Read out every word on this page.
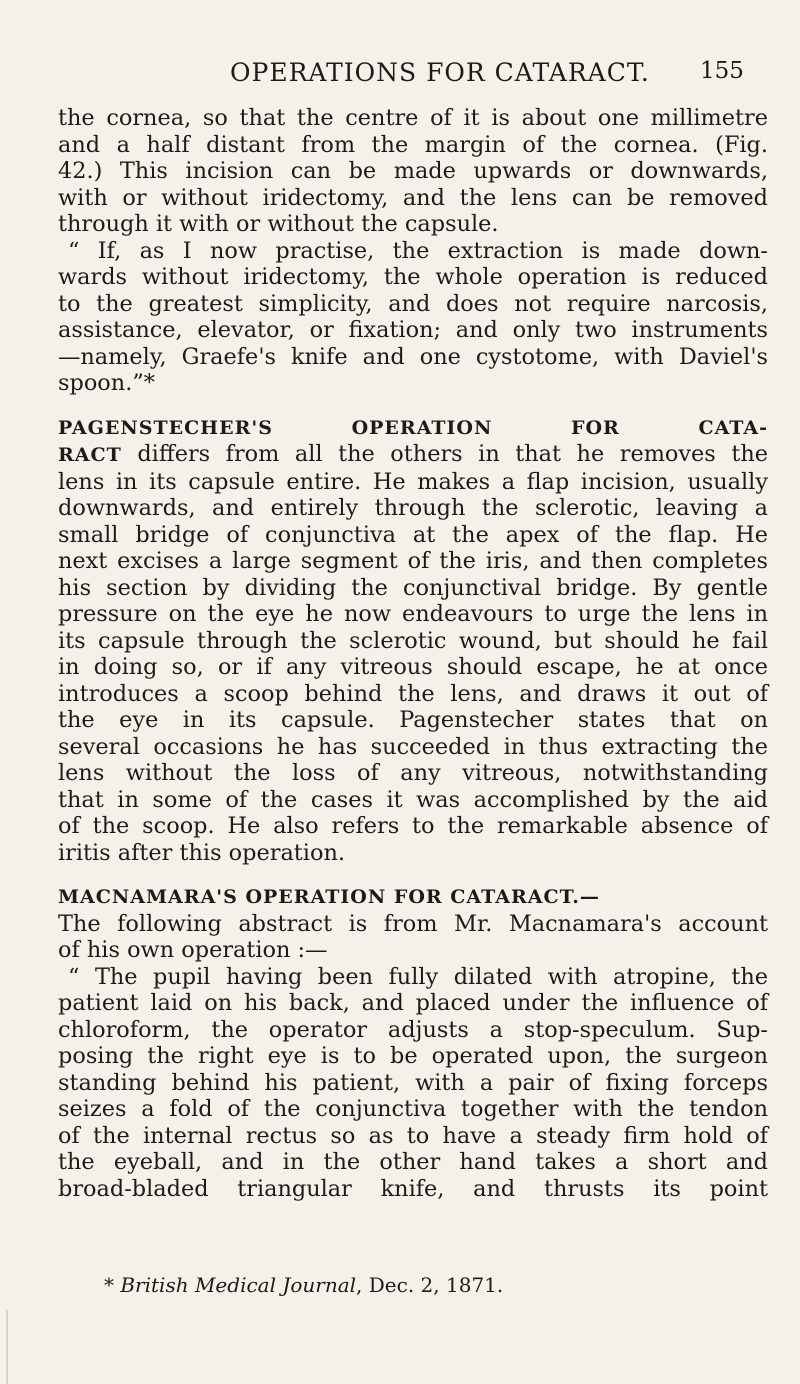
OPERATIONS FOR CATARACT. 155
the cornea, so that the centre of it is about one millimetre
and a half distant from the margin of the cornea. (Fig.
42.) This incision can be made upwards or downwards,
with or without iridectomy, and the lens can be removed
through it with or without the capsule.
“ If, as I now practise, the extraction is made down-
wards without iridectomy, the whole operation is reduced
to the greatest simplicity, and does not require narcosis,
assistance, elevator, or fixation; and only two instruments
—namely, Graefe's knife and one cystotome, with Daviel's
spoon.”*
PAGENSTECHER'S OPERATION FOR CATA-
RACT differs from all the others in that he removes the
lens in its capsule entire. He makes a flap incision, usually
downwards, and entirely through the sclerotic, leaving a
small bridge of conjunctiva at the apex of the flap. He
next excises a large segment of the iris, and then completes
his section by dividing the conjunctival bridge. By gentle
pressure on the eye he now endeavours to urge the lens in
its capsule through the sclerotic wound, but should he fail
in doing so, or if any vitreous should escape, he at once
introduces a scoop behind the lens, and draws it out of
the eye in its capsule. Pagenstecher states that on
several occasions he has succeeded in thus extracting the
lens without the loss of any vitreous, notwithstanding
that in some of the cases it was accomplished by the aid
of the scoop. He also refers to the remarkable absence of
iritis after this operation.
MACNAMARA'S OPERATION FOR CATARACT.—
The following abstract is from Mr. Macnamara's account
of his own operation :—
“ The pupil having been fully dilated with atropine, the
patient laid on his back, and placed under the influence of
chloroform, the operator adjusts a stop-speculum. Sup-
posing the right eye is to be operated upon, the surgeon
standing behind his patient, with a pair of fixing forceps
seizes a fold of the conjunctiva together with the tendon
of the internal rectus so as to have a steady firm hold of
the eyeball, and in the other hand takes a short and
broad-bladed triangular knife, and thrusts its point
* British Medical Journal, Dec. 2, 1871.
